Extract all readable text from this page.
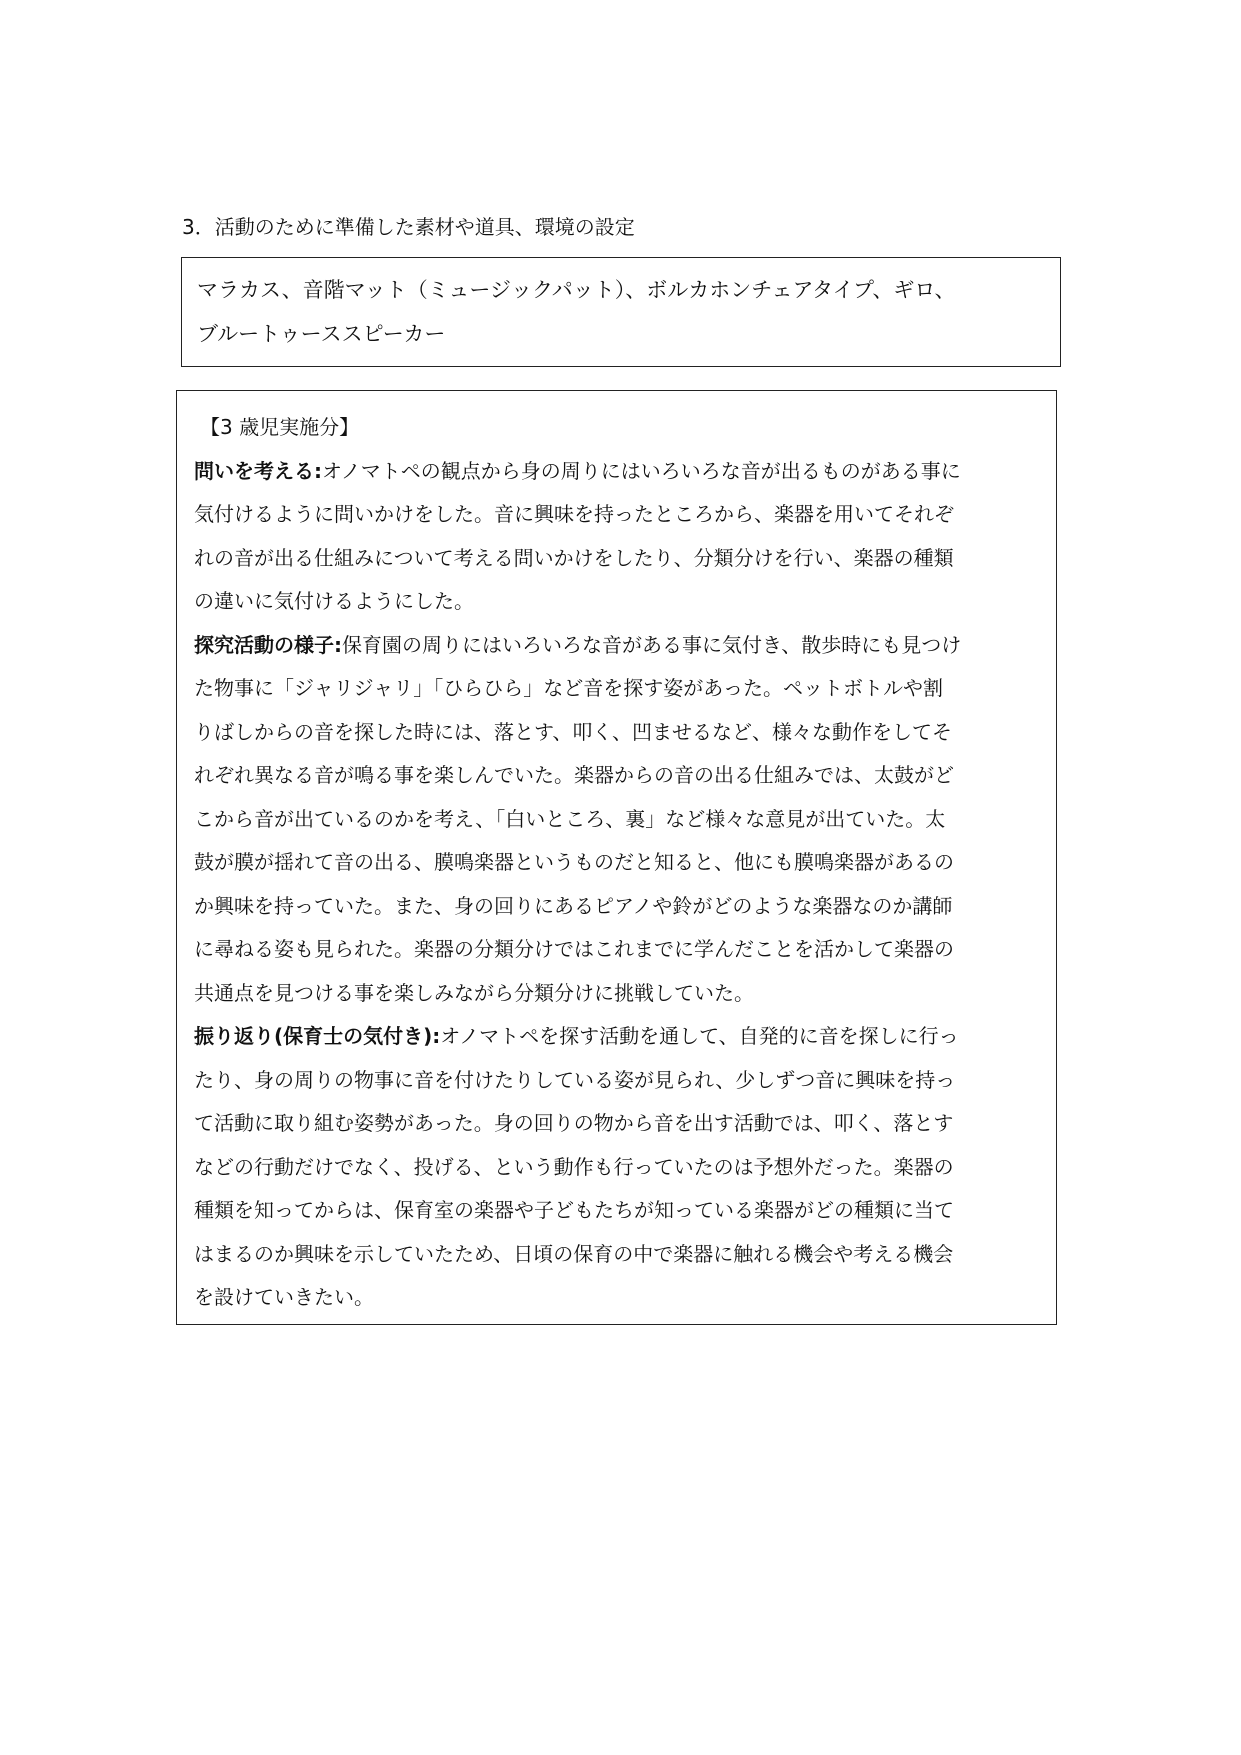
3．活動のために準備した素材や道具、環境の設定
マラカス、音階マット（ミュージックパット）、ボルカホンチェアタイプ、ギロ、
ブルートゥーススピーカー
【3 歳児実施分】
問いを考える:オノマトペの観点から身の周りにはいろいろな音が出るものがある事に
気付けるように問いかけをした。音に興味を持ったところから、楽器を用いてそれぞ
れの音が出る仕組みについて考える問いかけをしたり、分類分けを行い、楽器の種類
の違いに気付けるようにした。
探究活動の様子:保育園の周りにはいろいろな音がある事に気付き、散歩時にも見つけ
た物事に「ジャリジャリ」「ひらひら」など音を探す姿があった。ペットボトルや割
りばしからの音を探した時には、落とす、叩く、凹ませるなど、様々な動作をしてそ
れぞれ異なる音が鳴る事を楽しんでいた。楽器からの音の出る仕組みでは、太鼓がど
こから音が出ているのかを考え、「白いところ、裏」など様々な意見が出ていた。太
鼓が膜が揺れて音の出る、膜鳴楽器というものだと知ると、他にも膜鳴楽器があるの
か興味を持っていた。また、身の回りにあるピアノや鈴がどのような楽器なのか講師
に尋ねる姿も見られた。楽器の分類分けではこれまでに学んだことを活かして楽器の
共通点を見つける事を楽しみながら分類分けに挑戦していた。
振り返り(保育士の気付き):オノマトペを探す活動を通して、自発的に音を探しに行っ
たり、身の周りの物事に音を付けたりしている姿が見られ、少しずつ音に興味を持っ
て活動に取り組む姿勢があった。身の回りの物から音を出す活動では、叩く、落とす
などの行動だけでなく、投げる、という動作も行っていたのは予想外だった。楽器の
種類を知ってからは、保育室の楽器や子どもたちが知っている楽器がどの種類に当て
はまるのか興味を示していたため、日頃の保育の中で楽器に触れる機会や考える機会
を設けていきたい。
